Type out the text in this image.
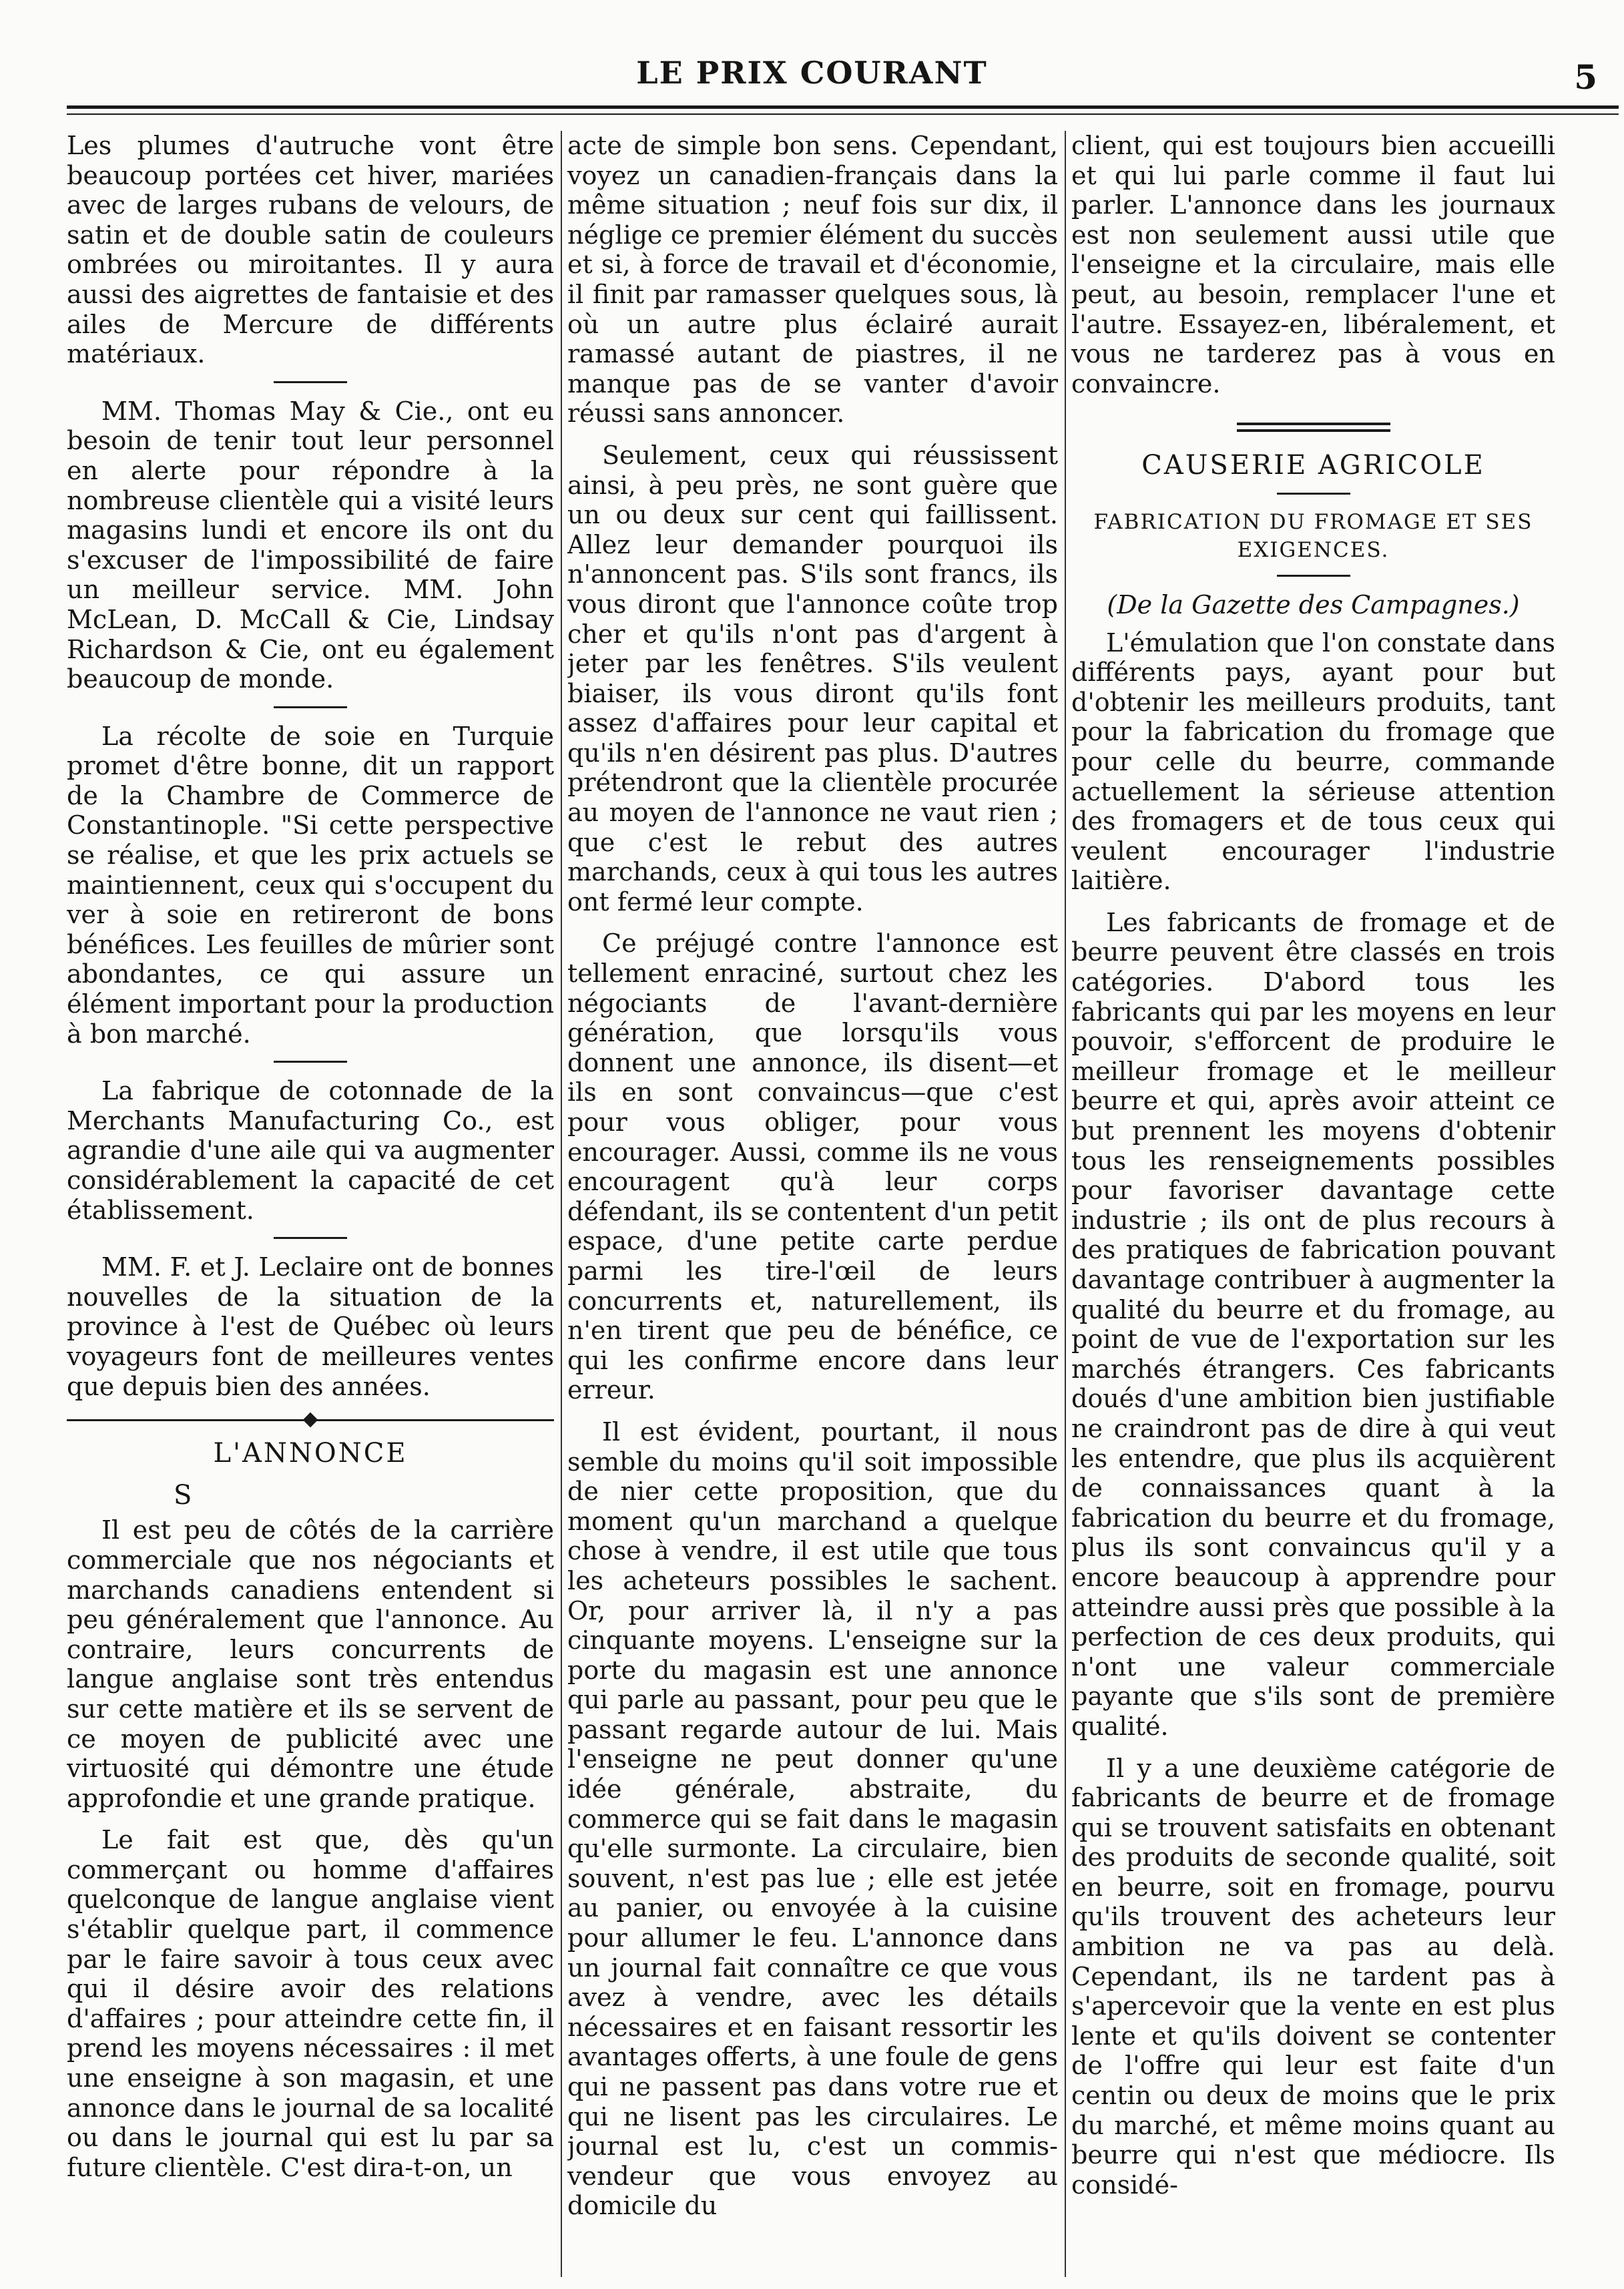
LE PRIX COURANT	5

Les plumes d'autruche vont être beaucoup portées cet hiver, mariées avec de larges rubans de velours, de satin et de double satin de couleurs ombrées ou miroitantes. Il y aura aussi des aigrettes de fantaisie et des ailes de Mercure de différents matériaux.

MM. Thomas May & Cie., ont eu besoin de tenir tout leur personnel en alerte pour répondre à la nombreuse clientèle qui a visité leurs magasins lundi et encore ils ont du s'excuser de l'impossibilité de faire un meilleur service. MM. John McLean, D. McCall & Cie, Lindsay Richardson & Cie, ont eu également beaucoup de monde.

La récolte de soie en Turquie promet d'être bonne, dit un rapport de la Chambre de Commerce de Constantinople. "Si cette perspective se réalise, et que les prix actuels se maintiennent, ceux qui s'occupent du ver à soie en retireront de bons bénéfices. Les feuilles de mûrier sont abondantes, ce qui assure un élément important pour la production à bon marché.

La fabrique de cotonnade de la Merchants Manufacturing Co., est agrandie d'une aile qui va augmenter considérablement la capacité de cet établissement.

MM. F. et J. Leclaire ont de bonnes nouvelles de la situation de la province à l'est de Québec où leurs voyageurs font de meilleures ventes que depuis bien des années.

L'ANNONCE

S

Il est peu de côtés de la carrière commerciale que nos négociants et marchands canadiens entendent si peu généralement que l'annonce. Au contraire, leurs concurrents de langue anglaise sont très entendus sur cette matière et ils se servent de ce moyen de publicité avec une virtuosité qui démontre une étude approfondie et une grande pratique.

Le fait est que, dès qu'un commerçant ou homme d'affaires quelconque de langue anglaise vient s'établir quelque part, il commence par le faire savoir à tous ceux avec qui il désire avoir des relations d'affaires ; pour atteindre cette fin, il prend les moyens nécessaires : il met une enseigne à son magasin, et une annonce dans le journal de sa localité ou dans le journal qui est lu par sa future clientèle. C'est dira-t-on, un

acte de simple bon sens. Cependant, voyez un canadien-français dans la même situation ; neuf fois sur dix, il néglige ce premier élément du succès et si, à force de travail et d'économie, il finit par ramasser quelques sous, là où un autre plus éclairé aurait ramassé autant de piastres, il ne manque pas de se vanter d'avoir réussi sans annoncer.

Seulement, ceux qui réussissent ainsi, à peu près, ne sont guère que un ou deux sur cent qui faillissent. Allez leur demander pourquoi ils n'annoncent pas. S'ils sont francs, ils vous diront que l'annonce coûte trop cher et qu'ils n'ont pas d'argent à jeter par les fenêtres. S'ils veulent biaiser, ils vous diront qu'ils font assez d'affaires pour leur capital et qu'ils n'en désirent pas plus. D'autres prétendront que la clientèle procurée au moyen de l'annonce ne vaut rien ; que c'est le rebut des autres marchands, ceux à qui tous les autres ont fermé leur compte.

Ce préjugé contre l'annonce est tellement enraciné, surtout chez les négociants de l'avant-dernière génération, que lorsqu'ils vous donnent une annonce, ils disent—et ils en sont convaincus—que c'est pour vous obliger, pour vous encourager. Aussi, comme ils ne vous encouragent qu'à leur corps défendant, ils se contentent d'un petit espace, d'une petite carte perdue parmi les tire-l'œil de leurs concurrents et, naturellement, ils n'en tirent que peu de bénéfice, ce qui les confirme encore dans leur erreur.

Il est évident, pourtant, il nous semble du moins qu'il soit impossible de nier cette proposition, que du moment qu'un marchand a quelque chose à vendre, il est utile que tous les acheteurs possibles le sachent. Or, pour arriver là, il n'y a pas cinquante moyens. L'enseigne sur la porte du magasin est une annonce qui parle au passant, pour peu que le passant regarde autour de lui. Mais l'enseigne ne peut donner qu'une idée générale, abstraite, du commerce qui se fait dans le magasin qu'elle surmonte. La circulaire, bien souvent, n'est pas lue ; elle est jetée au panier, ou envoyée à la cuisine pour allumer le feu. L'annonce dans un journal fait connaître ce que vous avez à vendre, avec les détails nécessaires et en faisant ressortir les avantages offerts, à une foule de gens qui ne passent pas dans votre rue et qui ne lisent pas les circulaires. Le journal est lu, c'est un commis-vendeur que vous envoyez au domicile du

client, qui est toujours bien accueilli et qui lui parle comme il faut lui parler. L'annonce dans les journaux est non seulement aussi utile que l'enseigne et la circulaire, mais elle peut, au besoin, remplacer l'une et l'autre. Essayez-en, libéralement, et vous ne tarderez pas à vous en convaincre.

CAUSERIE AGRICOLE

FABRICATION DU FROMAGE ET SES EXIGENCES.

(De la Gazette des Campagnes.)

L'émulation que l'on constate dans différents pays, ayant pour but d'obtenir les meilleurs produits, tant pour la fabrication du fromage que pour celle du beurre, commande actuellement la sérieuse attention des fromagers et de tous ceux qui veulent encourager l'industrie laitière.

Les fabricants de fromage et de beurre peuvent être classés en trois catégories. D'abord tous les fabricants qui par les moyens en leur pouvoir, s'efforcent de produire le meilleur fromage et le meilleur beurre et qui, après avoir atteint ce but prennent les moyens d'obtenir tous les renseignements possibles pour favoriser davantage cette industrie ; ils ont de plus recours à des pratiques de fabrication pouvant davantage contribuer à augmenter la qualité du beurre et du fromage, au point de vue de l'exportation sur les marchés étrangers. Ces fabricants doués d'une ambition bien justifiable ne craindront pas de dire à qui veut les entendre, que plus ils acquièrent de connaissances quant à la fabrication du beurre et du fromage, plus ils sont convaincus qu'il y a encore beaucoup à apprendre pour atteindre aussi près que possible à la perfection de ces deux produits, qui n'ont une valeur commerciale payante que s'ils sont de première qualité.

Il y a une deuxième catégorie de fabricants de beurre et de fromage qui se trouvent satisfaits en obtenant des produits de seconde qualité, soit en beurre, soit en fromage, pourvu qu'ils trouvent des acheteurs leur ambition ne va pas au delà. Cependant, ils ne tardent pas à s'apercevoir que la vente en est plus lente et qu'ils doivent se contenter de l'offre qui leur est faite d'un centin ou deux de moins que le prix du marché, et même moins quant au beurre qui n'est que médiocre. Ils considé-
